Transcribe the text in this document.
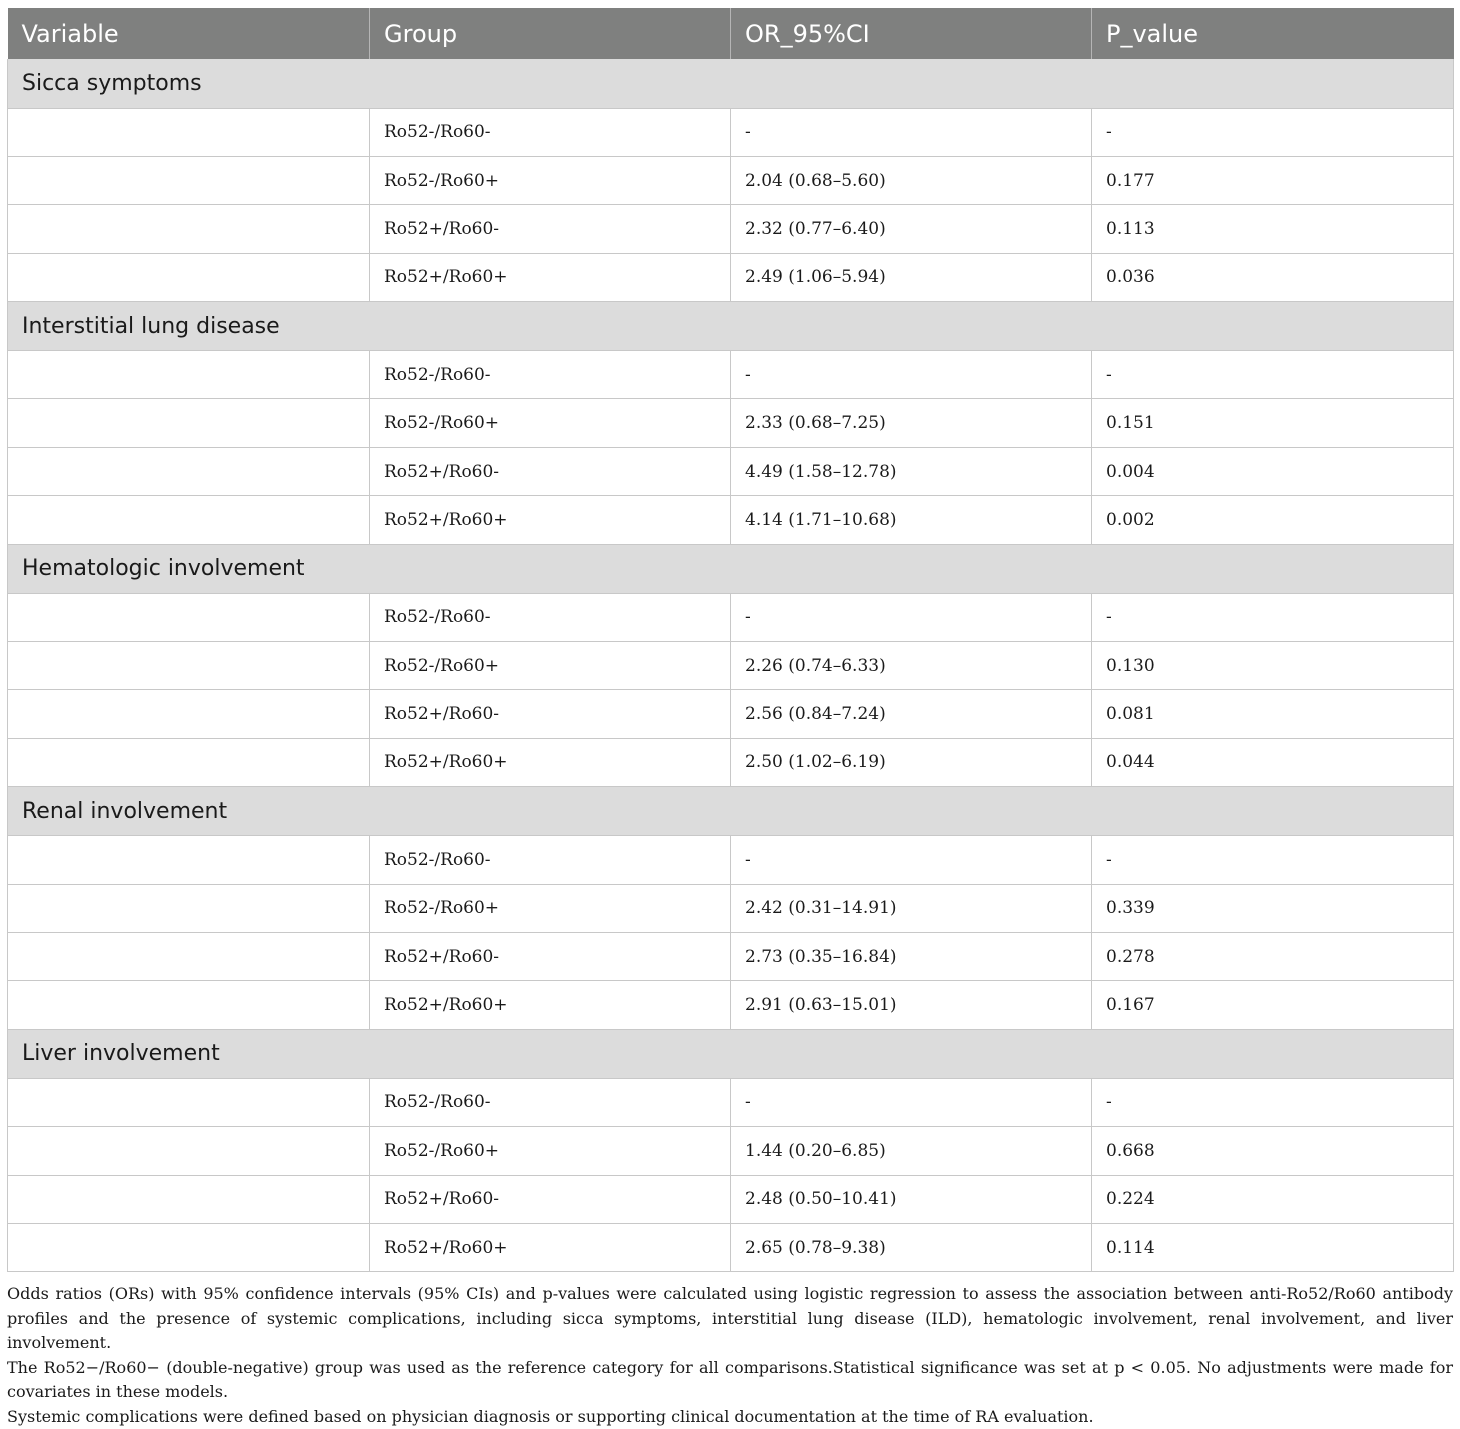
Variable	Group	OR_95%CI	P_value
Sicca symptoms			
	Ro52-/Ro60-	-	-
	Ro52-/Ro60+	2.04 (0.68–5.60)	0.177
	Ro52+/Ro60-	2.32 (0.77–6.40)	0.113
	Ro52+/Ro60+	2.49 (1.06–5.94)	0.036
Interstitial lung disease			
	Ro52-/Ro60-	-	-
	Ro52-/Ro60+	2.33 (0.68–7.25)	0.151
	Ro52+/Ro60-	4.49 (1.58–12.78)	0.004
	Ro52+/Ro60+	4.14 (1.71–10.68)	0.002
Hematologic involvement			
	Ro52-/Ro60-	-	-
	Ro52-/Ro60+	2.26 (0.74–6.33)	0.130
	Ro52+/Ro60-	2.56 (0.84–7.24)	0.081
	Ro52+/Ro60+	2.50 (1.02–6.19)	0.044
Renal involvement			
	Ro52-/Ro60-	-	-
	Ro52-/Ro60+	2.42 (0.31–14.91)	0.339
	Ro52+/Ro60-	2.73 (0.35–16.84)	0.278
	Ro52+/Ro60+	2.91 (0.63–15.01)	0.167
Liver involvement			
	Ro52-/Ro60-	-	-
	Ro52-/Ro60+	1.44 (0.20–6.85)	0.668
	Ro52+/Ro60-	2.48 (0.50–10.41)	0.224
	Ro52+/Ro60+	2.65 (0.78–9.38)	0.114

Odds ratios (ORs) with 95% confidence intervals (95% CIs) and p-values were calculated using logistic regression to assess the association between anti-Ro52/Ro60 antibody profiles and the presence of systemic complications, including sicca symptoms, interstitial lung disease (ILD), hematologic involvement, renal involvement, and liver involvement.

The Ro52−/Ro60− (double-negative) group was used as the reference category for all comparisons.Statistical significance was set at p < 0.05. No adjustments were made for covariates in these models.

Systemic complications were defined based on physician diagnosis or supporting clinical documentation at the time of RA evaluation.
